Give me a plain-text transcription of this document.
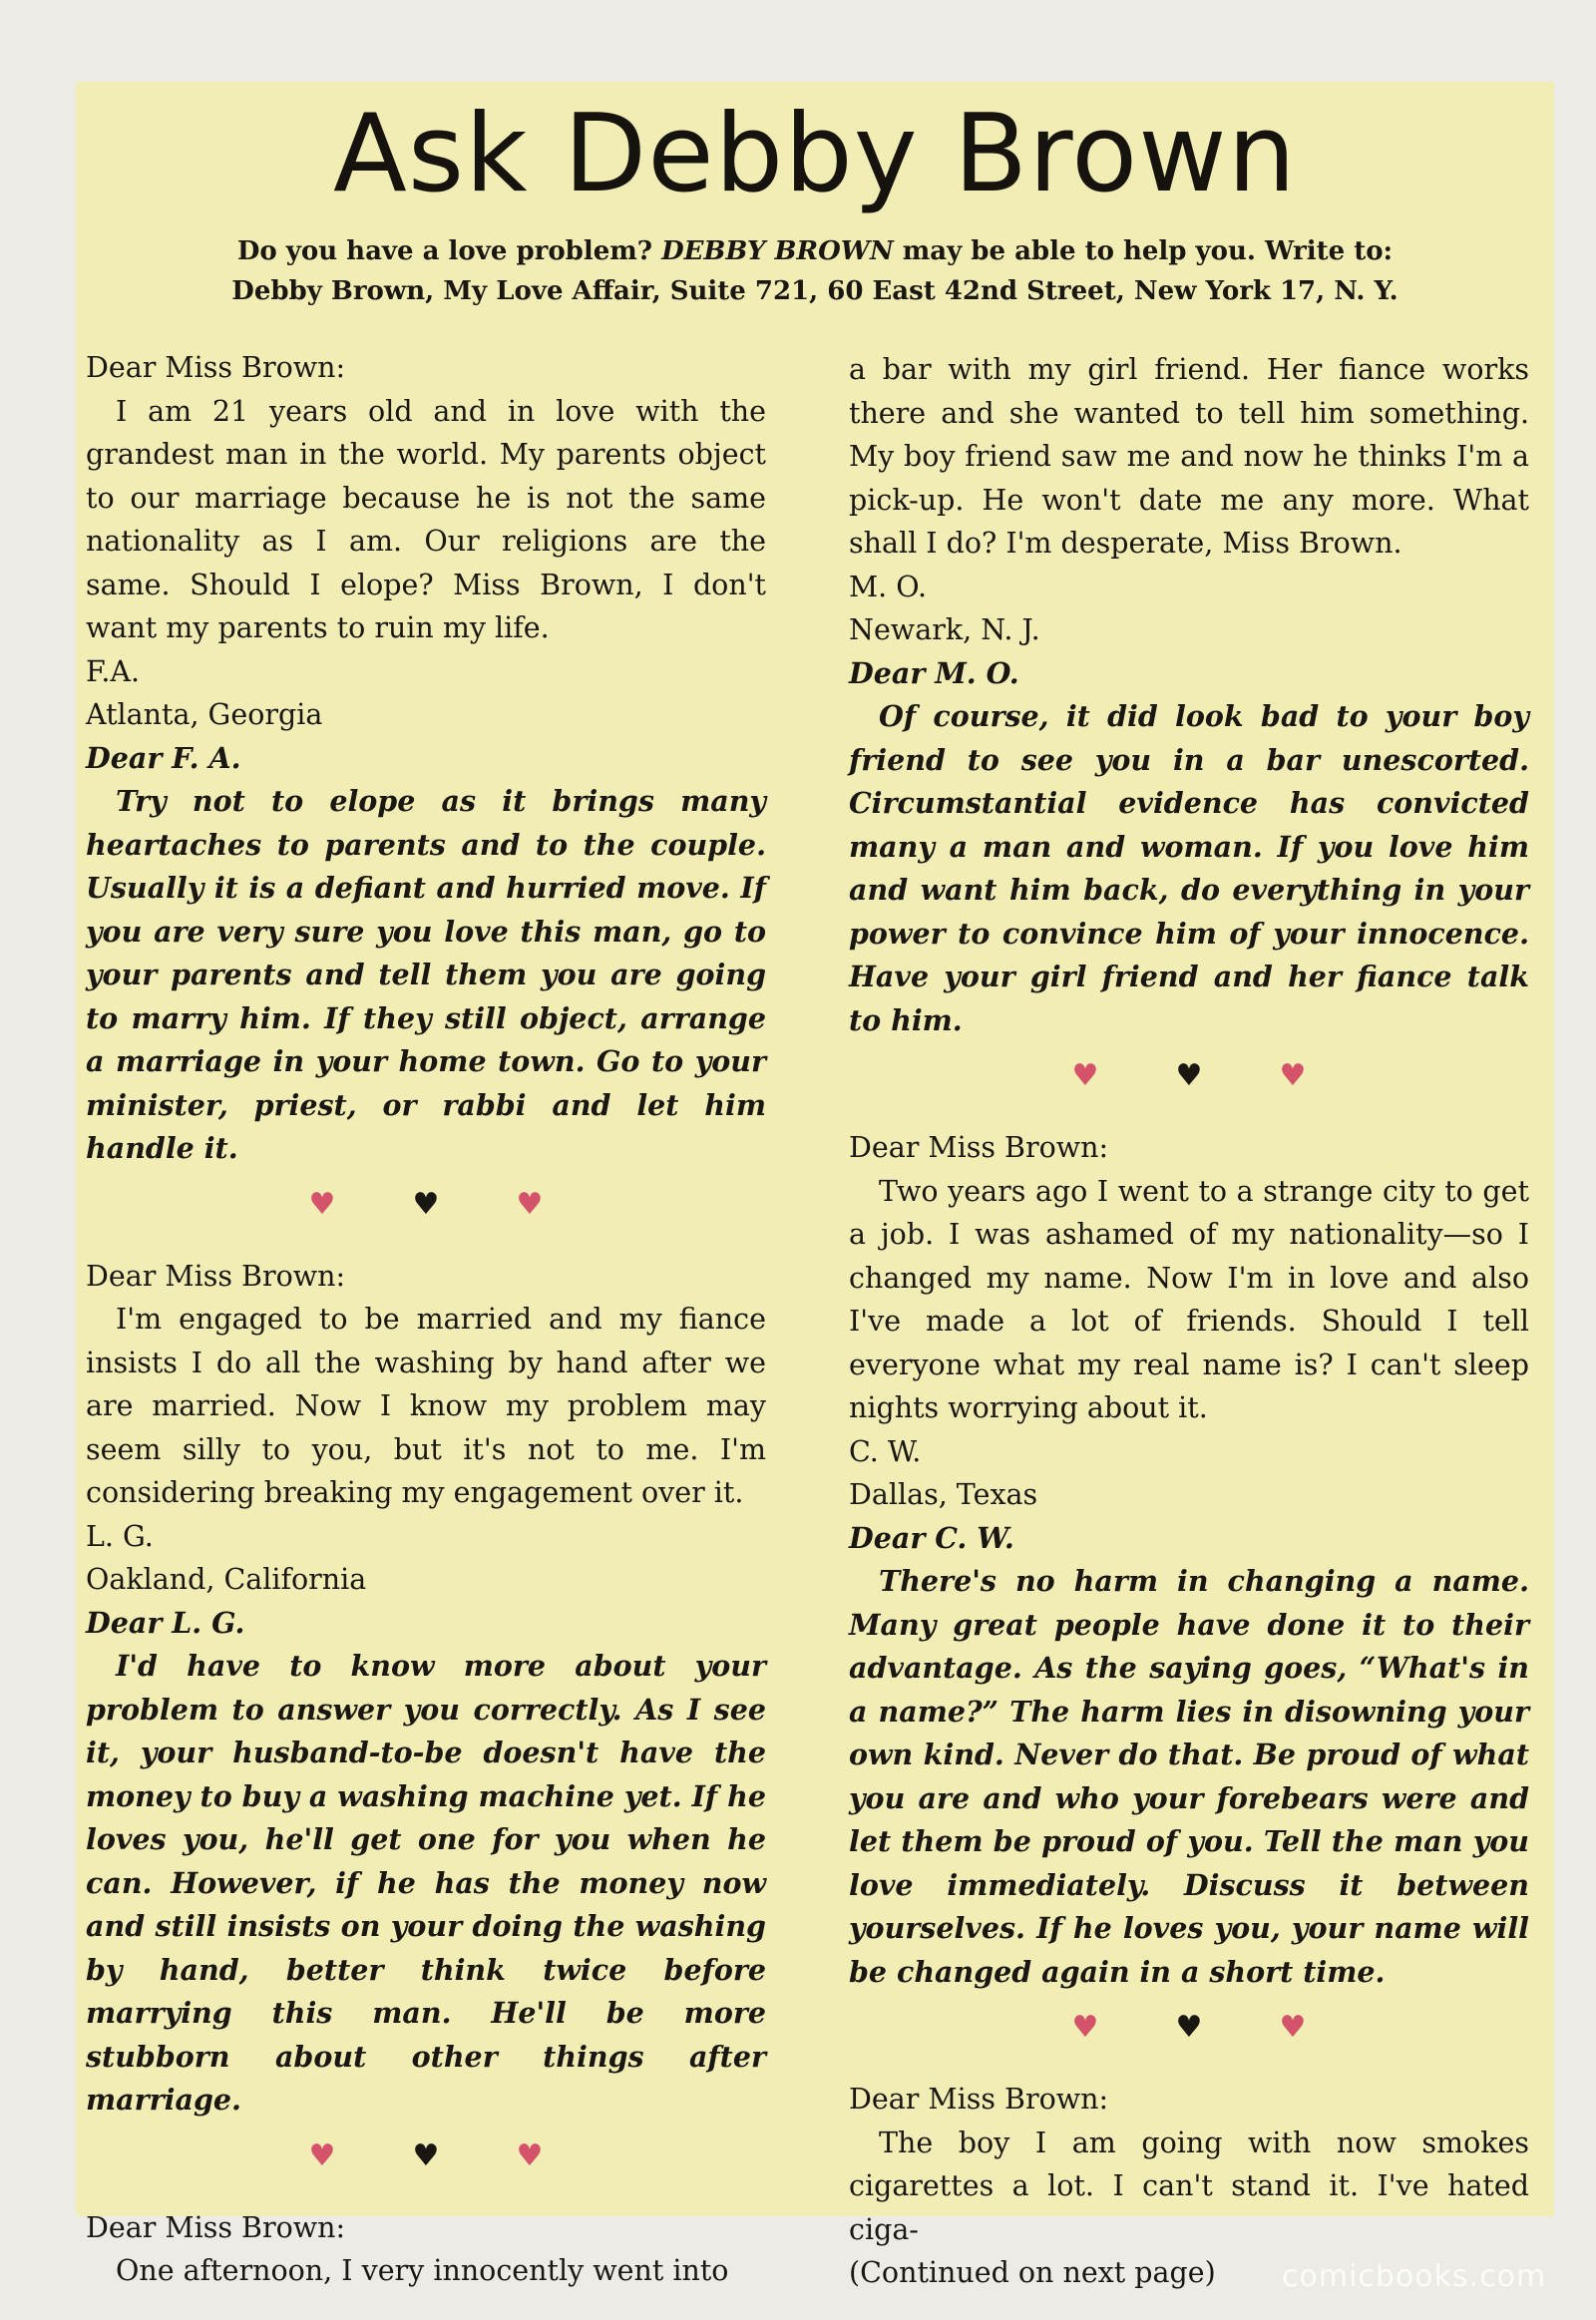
Ask Debby Brown
Do you have a love problem? DEBBY BROWN may be able to help you. Write to:
Debby Brown, My Love Affair, Suite 721, 60 East 42nd Street, New York 17, N. Y.

Dear Miss Brown:

I am 21 years old and in love with the grandest man in the world. My parents object to our marriage because he is not the same nationality as I am. Our religions are the same. Should I elope? Miss Brown, I don't want my parents to ruin my life.

F.A.

Atlanta, Georgia

Dear F. A.

Try not to elope as it brings many heartaches to parents and to the couple. Usually it is a defiant and hurried move. If you are very sure you love this man, go to your parents and tell them you are going to marry him. If they still object, arrange a marriage in your home town. Go to your minister, priest, or rabbi and let him handle it.

♥	♥	♥

Dear Miss Brown:

I'm engaged to be married and my fiance insists I do all the washing by hand after we are married. Now I know my problem may seem silly to you, but it's not to me. I'm considering breaking my engagement over it.

L. G.

Oakland, California

Dear L. G.

I'd have to know more about your problem to answer you correctly. As I see it, your husband-to-be doesn't have the money to buy a washing machine yet. If he loves you, he'll get one for you when he can. However, if he has the money now and still insists on your doing the washing by hand, better think twice before marrying this man. He'll be more stubborn about other things after marriage.

♥	♥	♥

Dear Miss Brown:

One afternoon, I very innocently went into

a bar with my girl friend. Her fiance works there and she wanted to tell him something. My boy friend saw me and now he thinks I'm a pick-up. He won't date me any more. What shall I do? I'm desperate, Miss Brown.

M. O.

Newark, N. J.

Dear M. O.

Of course, it did look bad to your boy friend to see you in a bar unescorted. Circumstantial evidence has convicted many a man and woman. If you love him and want him back, do everything in your power to convince him of your innocence. Have your girl friend and her fiance talk to him.

♥	♥	♥

Dear Miss Brown:

Two years ago I went to a strange city to get a job. I was ashamed of my nationality—so I changed my name. Now I'm in love and also I've made a lot of friends. Should I tell everyone what my real name is? I can't sleep nights worrying about it.

C. W.

Dallas, Texas

Dear C. W.

There's no harm in changing a name. Many great people have done it to their advantage. As the saying goes, “What's in a name?” The harm lies in disowning your own kind. Never do that. Be proud of what you are and who your forebears were and let them be proud of you. Tell the man you love immediately. Discuss it between yourselves. If he loves you, your name will be changed again in a short time.

♥	♥	♥

Dear Miss Brown:

The boy I am going with now smokes cigarettes a lot. I can't stand it. I've hated ciga-

(Continued on next page)	comicbooks.com
